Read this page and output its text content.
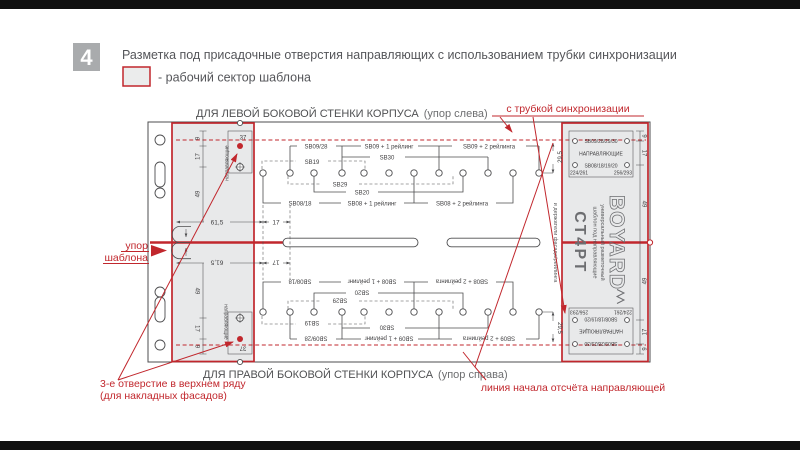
4 Разметка под присадочные отверстия направляющих с использованием трубки синхронизации
- рабочий сектор шаблона
ДЛЯ ЛЕВОЙ БОКОВОЙ СТЕНКИ КОРПУСА (упор слева)
ДЛЯ ПРАВОЙ БОКОВОЙ СТЕНКИ КОРПУСА (упор справа)
BOYARD
универсальный разметочный
шаблон под направляющие
СТ4РТ
и держатели фасада/рейлинга
SB09/28/29/30
НАПРАВЛЯЮЩИЕ
SB08/18/19/20
224/261	256/293
SB09/28/29/30
НАПРАВЛЯЮЩИЕ
SB08/18/19/20
224/261
256/293
SB09/28	SB09 + 1 рейлинг	SB09 + 2 рейлинга
SB30
SB19
SB29
SB20
SB08/18	SB08 + 1 рейлинг	SB08 + 2 рейлинга
29,5
61,5	17
37
9
17
49
направляющие
9
17
49
SB09/28	SB09 + 1 рейлинг	SB09 + 2 рейлинга
SB30
SB19
SB29
SB20
SB08/18	SB08 + 1 рейлинг	SB08 + 2 рейлинга
29,5
61,5	17
37
9
17
49
направляющие
9
17
49
с трубкой синхронизации
упор
шаблона
3-е отверстие в верхнем ряду
(для накладных фасадов)
линия начала отсчёта направляющей
